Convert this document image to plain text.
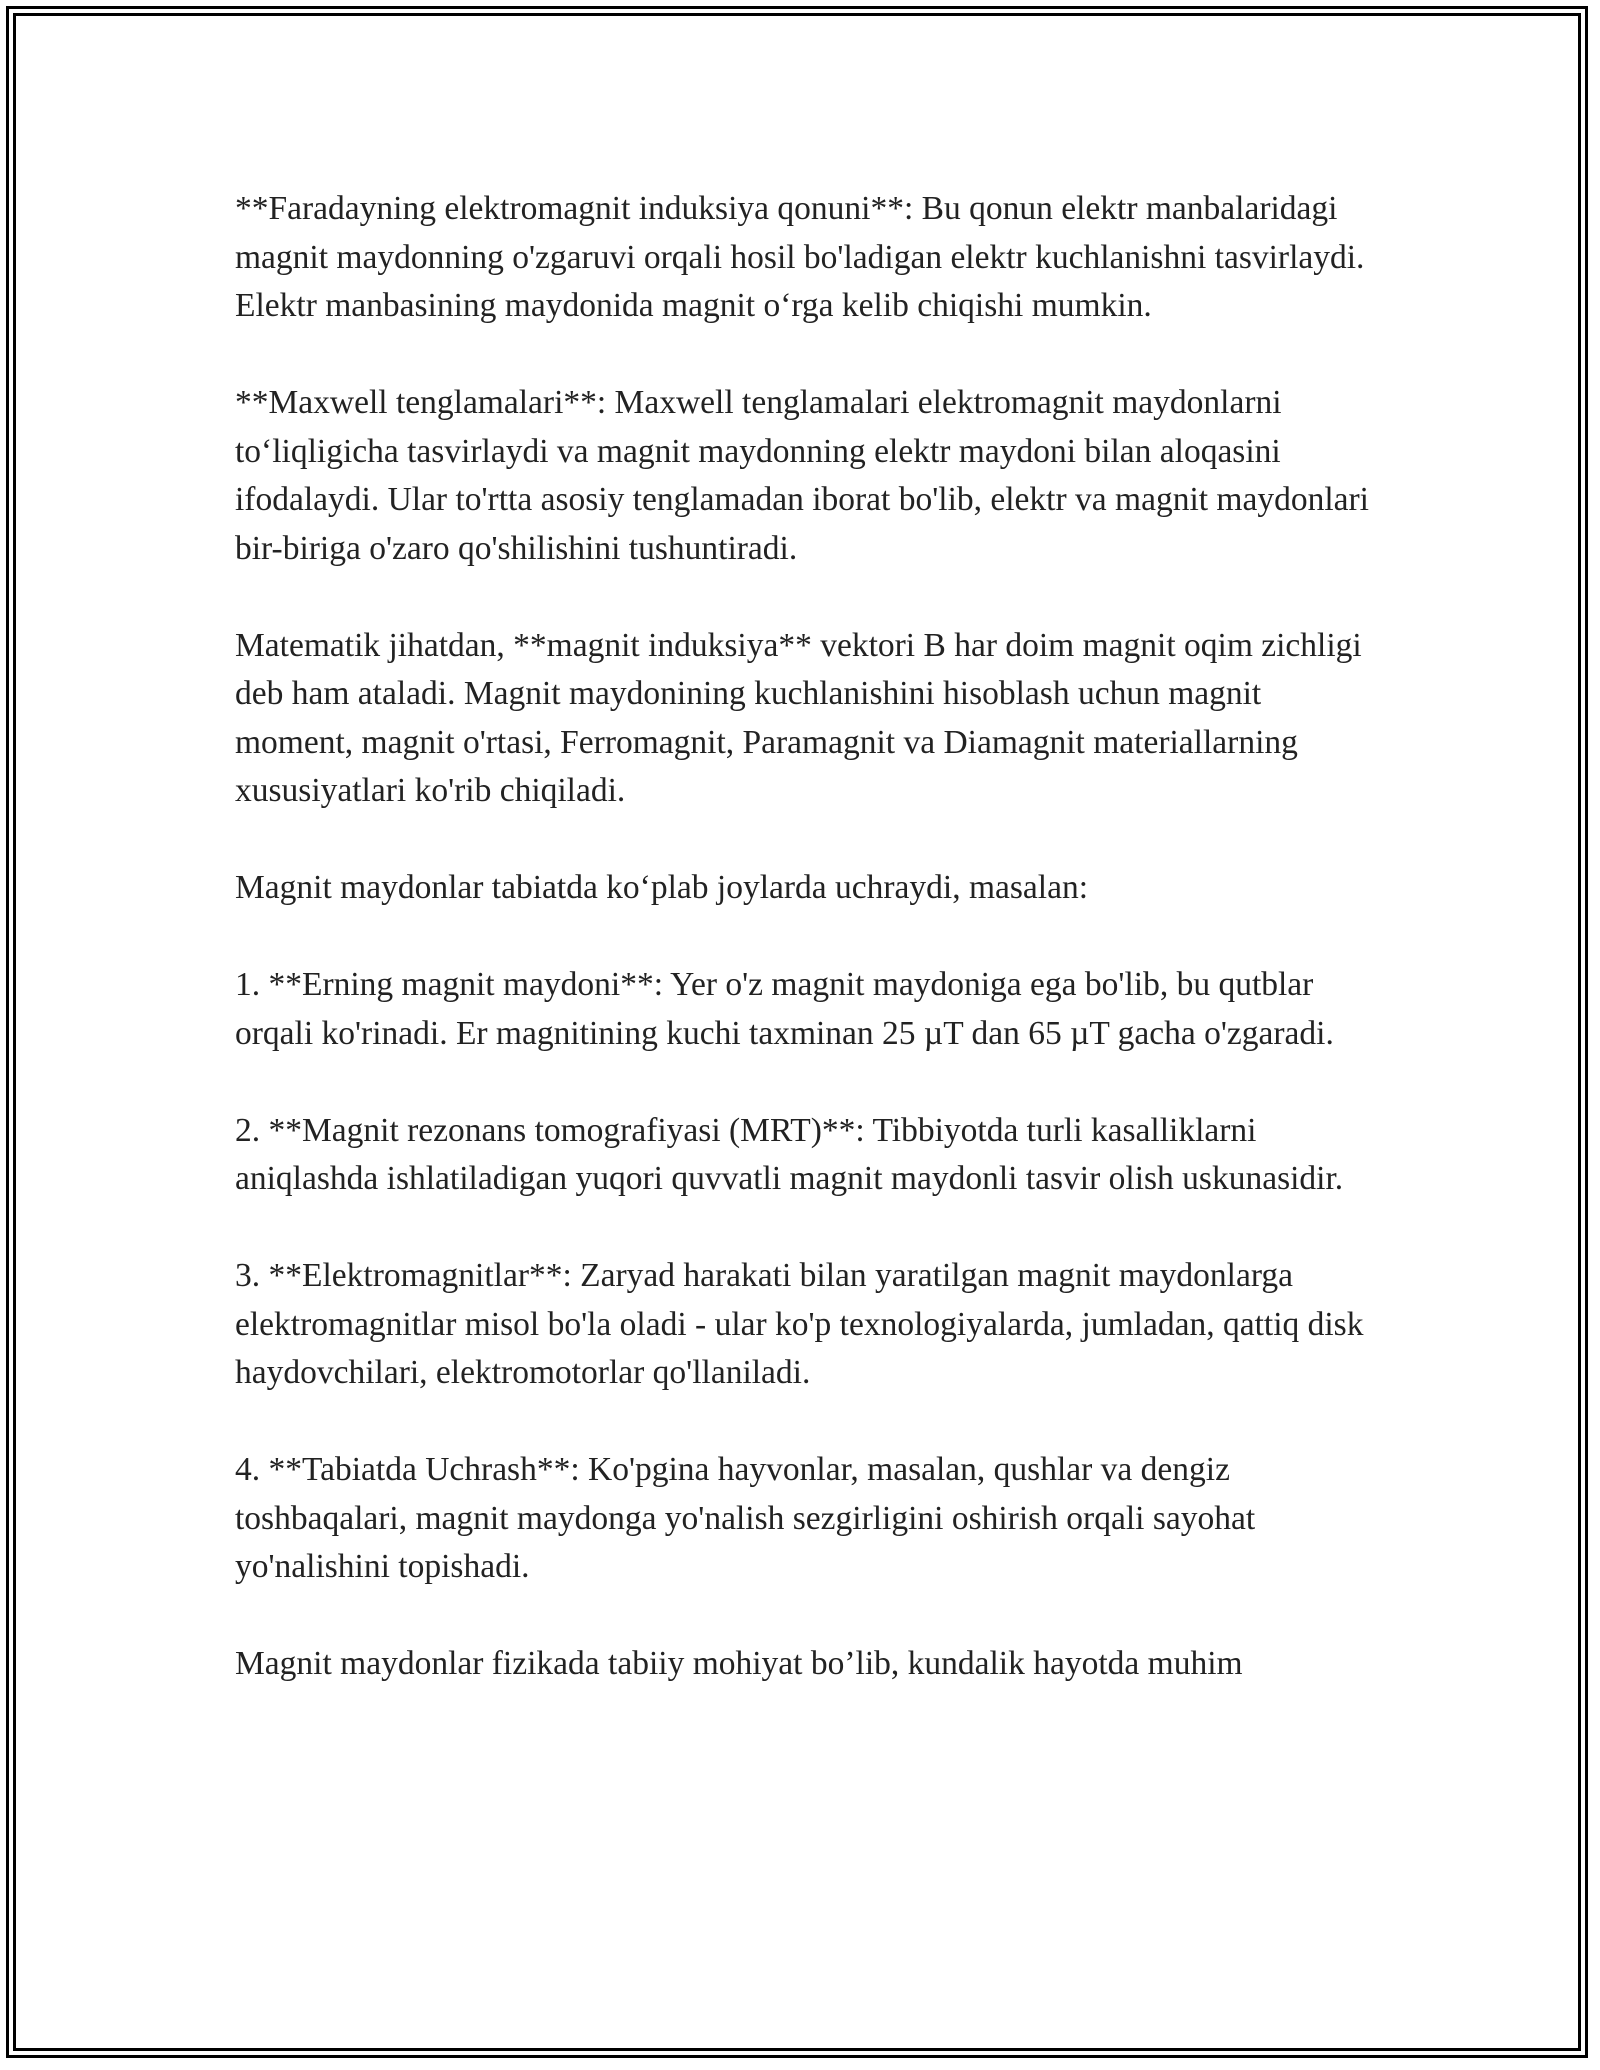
**Faradayning elektromagnit induksiya qonuni**: Bu qonun elektr manbalaridagi magnit maydonning o'zgaruvi orqali hosil bo'ladigan elektr kuchlanishni tasvirlaydi. Elektr manbasining maydonida magnit o‘rga kelib chiqishi mumkin.

**Maxwell tenglamalari**: Maxwell tenglamalari elektromagnit maydonlarni to‘liqligicha tasvirlaydi va magnit maydonning elektr maydoni bilan aloqasini ifodalaydi. Ular to'rtta asosiy tenglamadan iborat bo'lib, elektr va magnit maydonlari bir-biriga o'zaro qo'shilishini tushuntiradi.

Matematik jihatdan, **magnit induksiya** vektori B har doim magnit oqim zichligi deb ham ataladi. Magnit maydonining kuchlanishini hisoblash uchun magnit moment, magnit o'rtasi, Ferromagnit, Paramagnit va Diamagnit materiallarning xususiyatlari ko'rib chiqiladi.

Magnit maydonlar tabiatda ko‘plab joylarda uchraydi, masalan:

1. **Erning magnit maydoni**: Yer o'z magnit maydoniga ega bo'lib, bu qutblar orqali ko'rinadi. Er magnitining kuchi taxminan 25 µT dan 65 µT gacha o'zgaradi.

2. **Magnit rezonans tomografiyasi (MRT)**: Tibbiyotda turli kasalliklarni aniqlashda ishlatiladigan yuqori quvvatli magnit maydonli tasvir olish uskunasidir.

3. **Elektromagnitlar**: Zaryad harakati bilan yaratilgan magnit maydonlarga elektromagnitlar misol bo'la oladi - ular ko'p texnologiyalarda, jumladan, qattiq disk haydovchilari, elektromotorlar qo'llaniladi.

4. **Tabiatda Uchrash**: Ko'pgina hayvonlar, masalan, qushlar va dengiz toshbaqalari, magnit maydonga yo'nalish sezgirligini oshirish orqali sayohat yo'nalishini topishadi.

Magnit maydonlar fizikada tabiiy mohiyat bo’lib, kundalik hayotda muhim
